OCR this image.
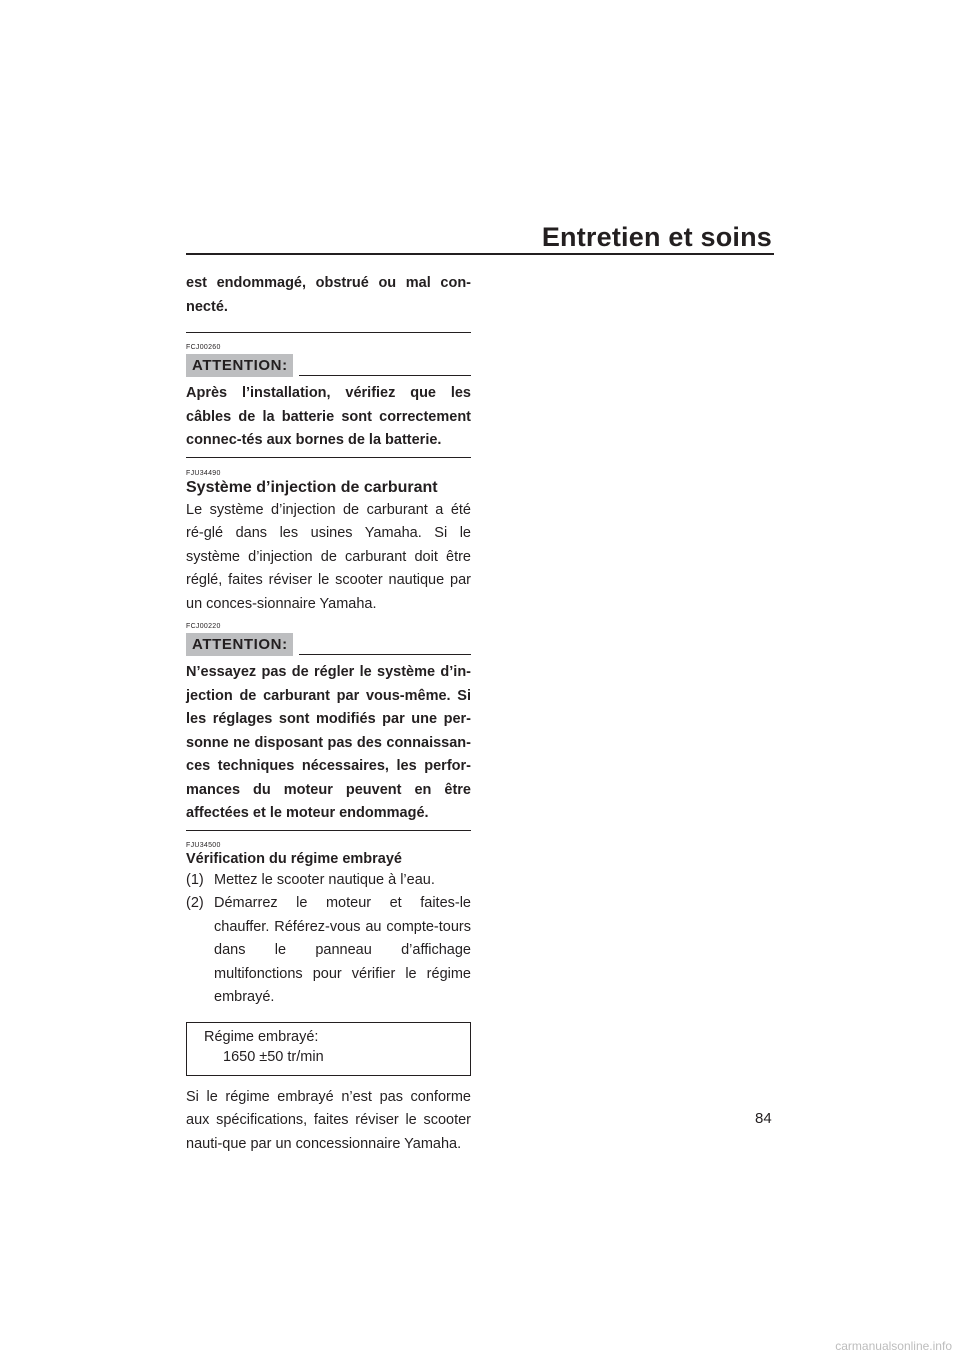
Entretien et soins

est endommagé, obstrué ou mal con-necté.

FCJ00260
ATTENTION:

Après l’installation, vérifiez que les câbles de la batterie sont correctement connec-tés aux bornes de la batterie.

FJU34490
Système d’injection de carburant

Le système d’injection de carburant a été ré-glé dans les usines Yamaha. Si le système d’injection de carburant doit être réglé, faites réviser le scooter nautique par un conces-sionnaire Yamaha.

FCJ00220
ATTENTION:

N’essayez pas de régler le système d’in-jection de carburant par vous-même. Si les réglages sont modifiés par une per-sonne ne disposant pas des connaissan-ces techniques nécessaires, les perfor-mances du moteur peuvent en être affectées et le moteur endommagé.

FJU34500
Vérification du régime embrayé
(1) Mettez le scooter nautique à l’eau.
(2) Démarrez le moteur et faites-le chauffer. Référez-vous au compte-tours dans le panneau d’affichage multifonctions pour vérifier le régime embrayé.
Régime embrayé:
1650 ±50 tr/min

Si le régime embrayé n’est pas conforme aux spécifications, faites réviser le scooter nauti-que par un concessionnaire Yamaha.

84
carmanualsonline.info
